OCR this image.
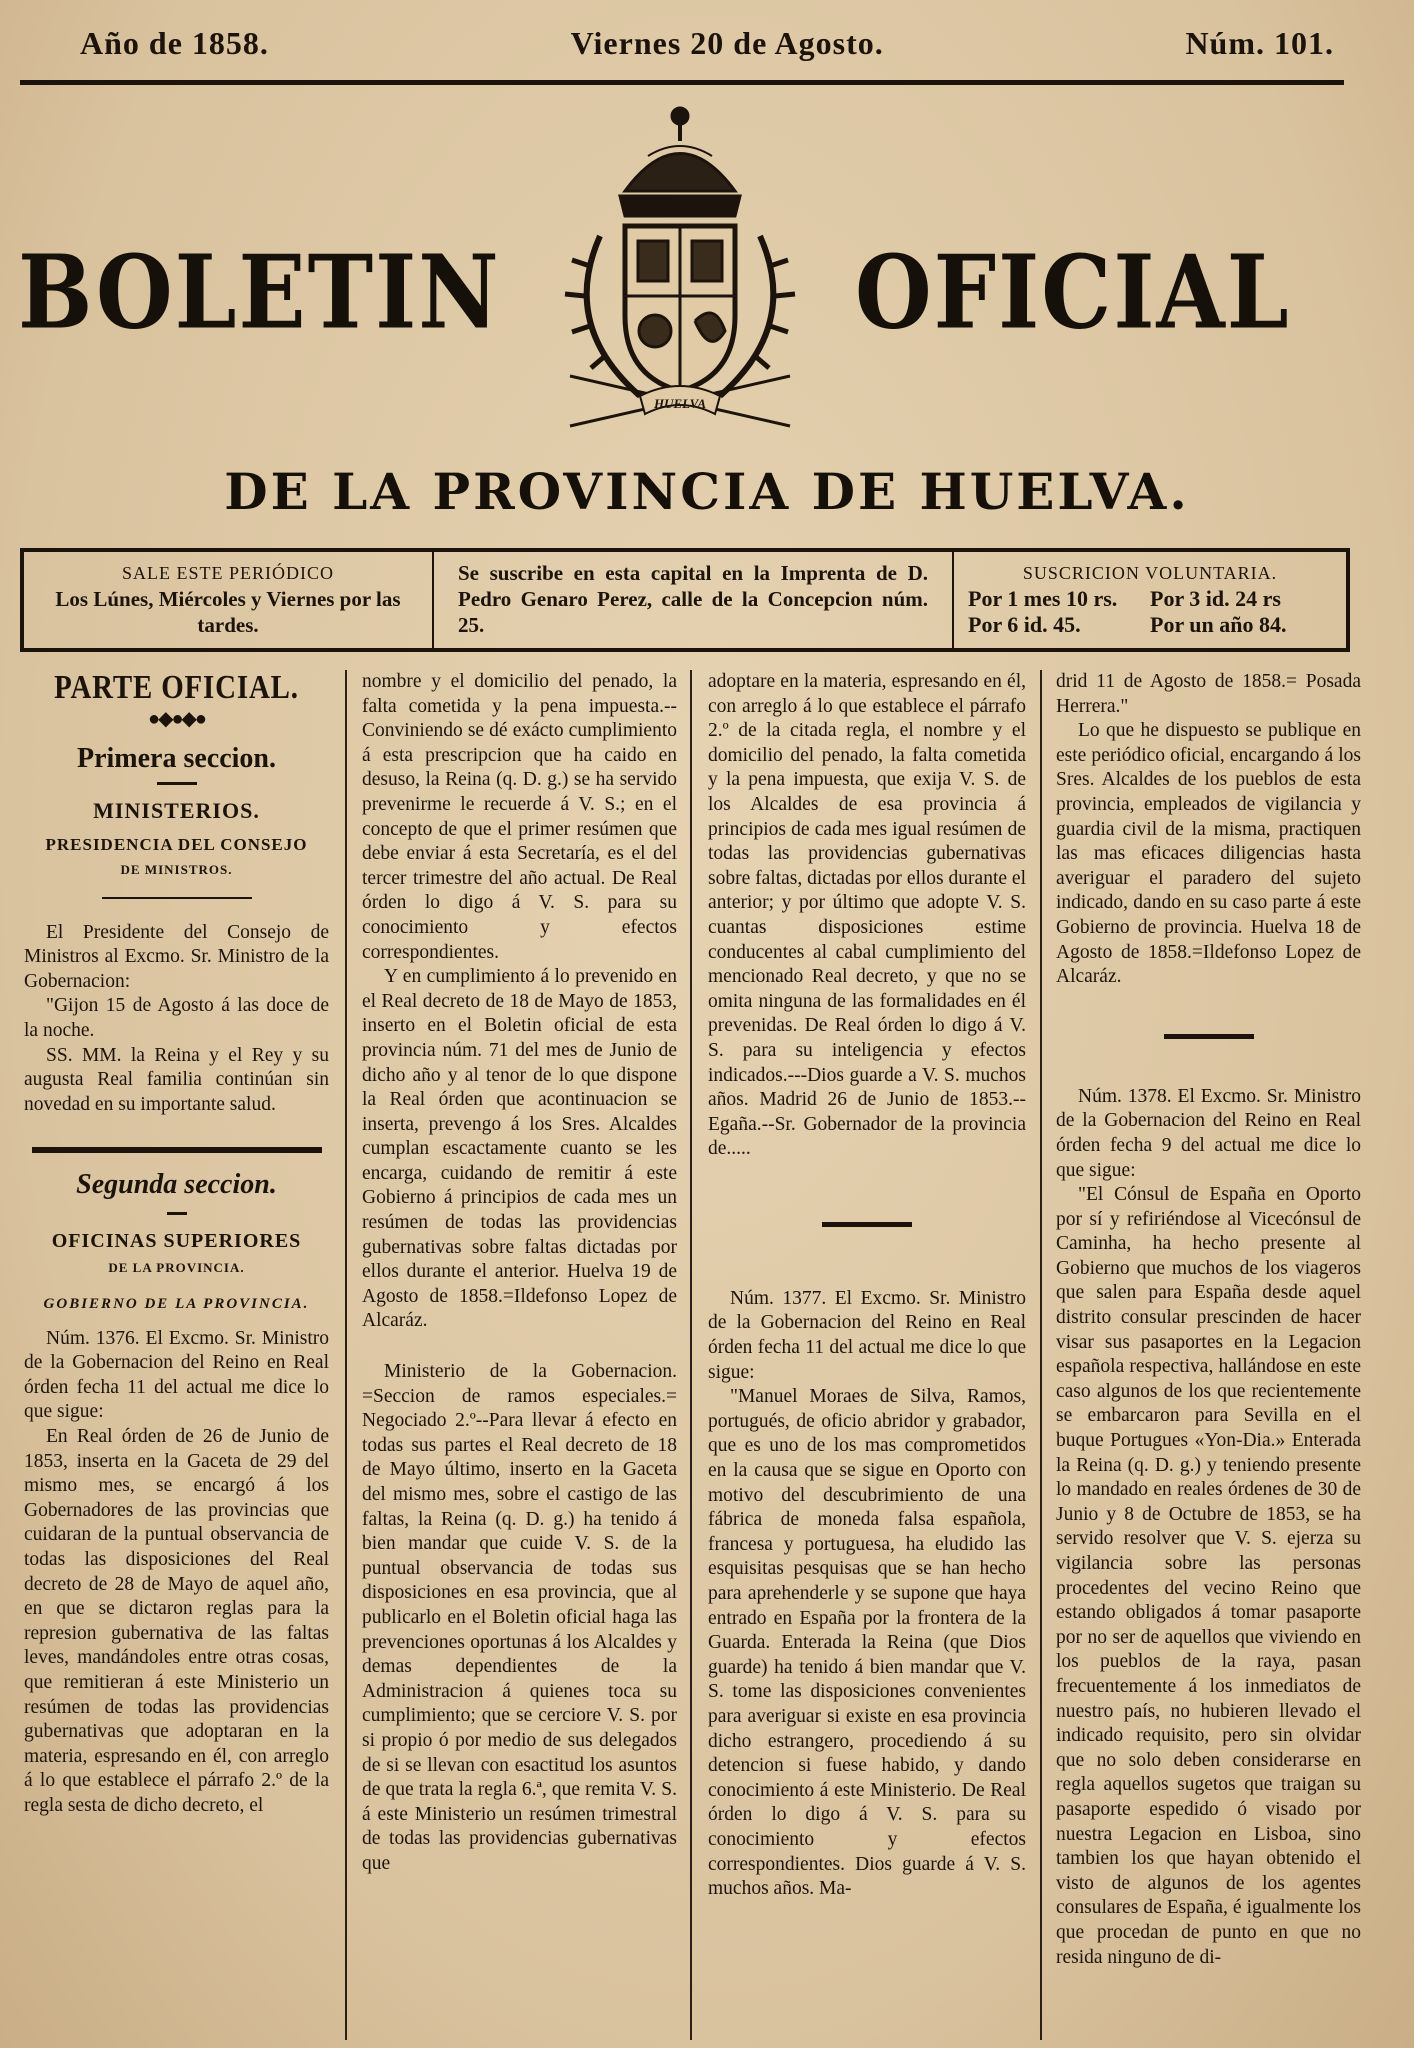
Año de 1858.	Viernes 20 de Agosto.	Núm. 101.
BOLETIN
HUELVA
OFICIAL
DE LA PROVINCIA DE HUELVA.
SALE ESTE PERIÓDICO
Los Lúnes, Miércoles y Viernes por las tardes.
Se suscribe en esta capital en la Imprenta de D. Pedro Genaro Perez, calle de la Concepcion núm. 25.
SUSCRICION VOLUNTARIA.
Por 1 mes 10 rs.	Por 3 id. 24 rs
Por 6 id. 45.	Por un año 84.
PARTE OFICIAL.
●◆●◆●
Primera seccion.
MINISTERIOS.
PRESIDENCIA DEL CONSEJO
DE MINISTROS.

El Presidente del Consejo de Ministros al Excmo. Sr. Ministro de la Gobernacion:

"Gijon 15 de Agosto á las doce de la noche.

SS. MM. la Reina y el Rey y su augusta Real familia continúan sin novedad en su importante salud.

Segunda seccion.
OFICINAS SUPERIORES
DE LA PROVINCIA.
GOBIERNO DE LA PROVINCIA.

Núm. 1376. El Excmo. Sr. Ministro de la Gobernacion del Reino en Real órden fecha 11 del actual me dice lo que sigue:

En Real órden de 26 de Junio de 1853, inserta en la Gaceta de 29 del mismo mes, se encargó á los Gobernadores de las provincias que cuidaran de la puntual observancia de todas las disposiciones del Real decreto de 28 de Mayo de aquel año, en que se dictaron reglas para la represion gubernativa de las faltas leves, mandándoles entre otras cosas, que remitieran á este Ministerio un resúmen de todas las providencias gubernativas que adoptaran en la materia, espresando en él, con arreglo á lo que establece el párrafo 2.º de la regla sesta de dicho decreto, el

nombre y el domicilio del penado, la falta cometida y la pena impuesta.--Conviniendo se dé exácto cumplimiento á esta prescripcion que ha caido en desuso, la Reina (q. D. g.) se ha servido prevenirme le recuerde á V. S.; en el concepto de que el primer resúmen que debe enviar á esta Secretaría, es el del tercer trimestre del año actual. De Real órden lo digo á V. S. para su conocimiento y efectos correspondientes.

Y en cumplimiento á lo prevenido en el Real decreto de 18 de Mayo de 1853, inserto en el Boletin oficial de esta provincia núm. 71 del mes de Junio de dicho año y al tenor de lo que dispone la Real órden que acontinuacion se inserta, prevengo á los Sres. Alcaldes cumplan escactamente cuanto se les encarga, cuidando de remitir á este Gobierno á principios de cada mes un resúmen de todas las providencias gubernativas sobre faltas dictadas por ellos durante el anterior. Huelva 19 de Agosto de 1858.=Ildefonso Lopez de Alcaráz.

Ministerio de la Gobernacion. =Seccion de ramos especiales.= Negociado 2.º--Para llevar á efecto en todas sus partes el Real decreto de 18 de Mayo último, inserto en la Gaceta del mismo mes, sobre el castigo de las faltas, la Reina (q. D. g.) ha tenido á bien mandar que cuide V. S. de la puntual observancia de todas sus disposiciones en esa provincia, que al publicarlo en el Boletin oficial haga las prevenciones oportunas á los Alcaldes y demas dependientes de la Administracion á quienes toca su cumplimiento; que se cerciore V. S. por si propio ó por medio de sus delegados de si se llevan con esactitud los asuntos de que trata la regla 6.ª, que remita V. S. á este Ministerio un resúmen trimestral de todas las providencias gubernativas que

adoptare en la materia, espresando en él, con arreglo á lo que establece el párrafo 2.º de la citada regla, el nombre y el domicilio del penado, la falta cometida y la pena impuesta, que exija V. S. de los Alcaldes de esa provincia á principios de cada mes igual resúmen de todas las providencias gubernativas sobre faltas, dictadas por ellos durante el anterior; y por último que adopte V. S. cuantas disposiciones estime conducentes al cabal cumplimiento del mencionado Real decreto, y que no se omita ninguna de las formalidades en él prevenidas. De Real órden lo digo á V. S. para su inteligencia y efectos indicados.---Dios guarde a V. S. muchos años. Madrid 26 de Junio de 1853.--Egaña.--Sr. Gobernador de la provincia de.....

Núm. 1377. El Excmo. Sr. Ministro de la Gobernacion del Reino en Real órden fecha 11 del actual me dice lo que sigue:

"Manuel Moraes de Silva, Ramos, portugués, de oficio abridor y grabador, que es uno de los mas comprometidos en la causa que se sigue en Oporto con motivo del descubrimiento de una fábrica de moneda falsa española, francesa y portuguesa, ha eludido las esquisitas pesquisas que se han hecho para aprehenderle y se supone que haya entrado en España por la frontera de la Guarda. Enterada la Reina (que Dios guarde) ha tenido á bien mandar que V. S. tome las disposiciones convenientes para averiguar si existe en esa provincia dicho estrangero, procediendo á su detencion si fuese habido, y dando conocimiento á este Ministerio. De Real órden lo digo á V. S. para su conocimiento y efectos correspondientes. Dios guarde á V. S. muchos años. Ma-

drid 11 de Agosto de 1858.= Posada Herrera."

Lo que he dispuesto se publique en este periódico oficial, encargando á los Sres. Alcaldes de los pueblos de esta provincia, empleados de vigilancia y guardia civil de la misma, practiquen las mas eficaces diligencias hasta averiguar el paradero del sujeto indicado, dando en su caso parte á este Gobierno de provincia. Huelva 18 de Agosto de 1858.=Ildefonso Lopez de Alcaráz.

Núm. 1378. El Excmo. Sr. Ministro de la Gobernacion del Reino en Real órden fecha 9 del actual me dice lo que sigue:

"El Cónsul de España en Oporto por sí y refiriéndose al Vicecónsul de Caminha, ha hecho presente al Gobierno que muchos de los viageros que salen para España desde aquel distrito consular prescinden de hacer visar sus pasaportes en la Legacion española respectiva, hallándose en este caso algunos de los que recientemente se embarcaron para Sevilla en el buque Portugues «Yon-Dia.» Enterada la Reina (q. D. g.) y teniendo presente lo mandado en reales órdenes de 30 de Junio y 8 de Octubre de 1853, se ha servido resolver que V. S. ejerza su vigilancia sobre las personas procedentes del vecino Reino que estando obligados á tomar pasaporte por no ser de aquellos que viviendo en los pueblos de la raya, pasan frecuentemente á los inmediatos de nuestro país, no hubieren llevado el indicado requisito, pero sin olvidar que no solo deben considerarse en regla aquellos sugetos que traigan su pasaporte espedido ó visado por nuestra Legacion en Lisboa, sino tambien los que hayan obtenido el visto de algunos de los agentes consulares de España, é igualmente los que procedan de punto en que no resida ninguno de di-
